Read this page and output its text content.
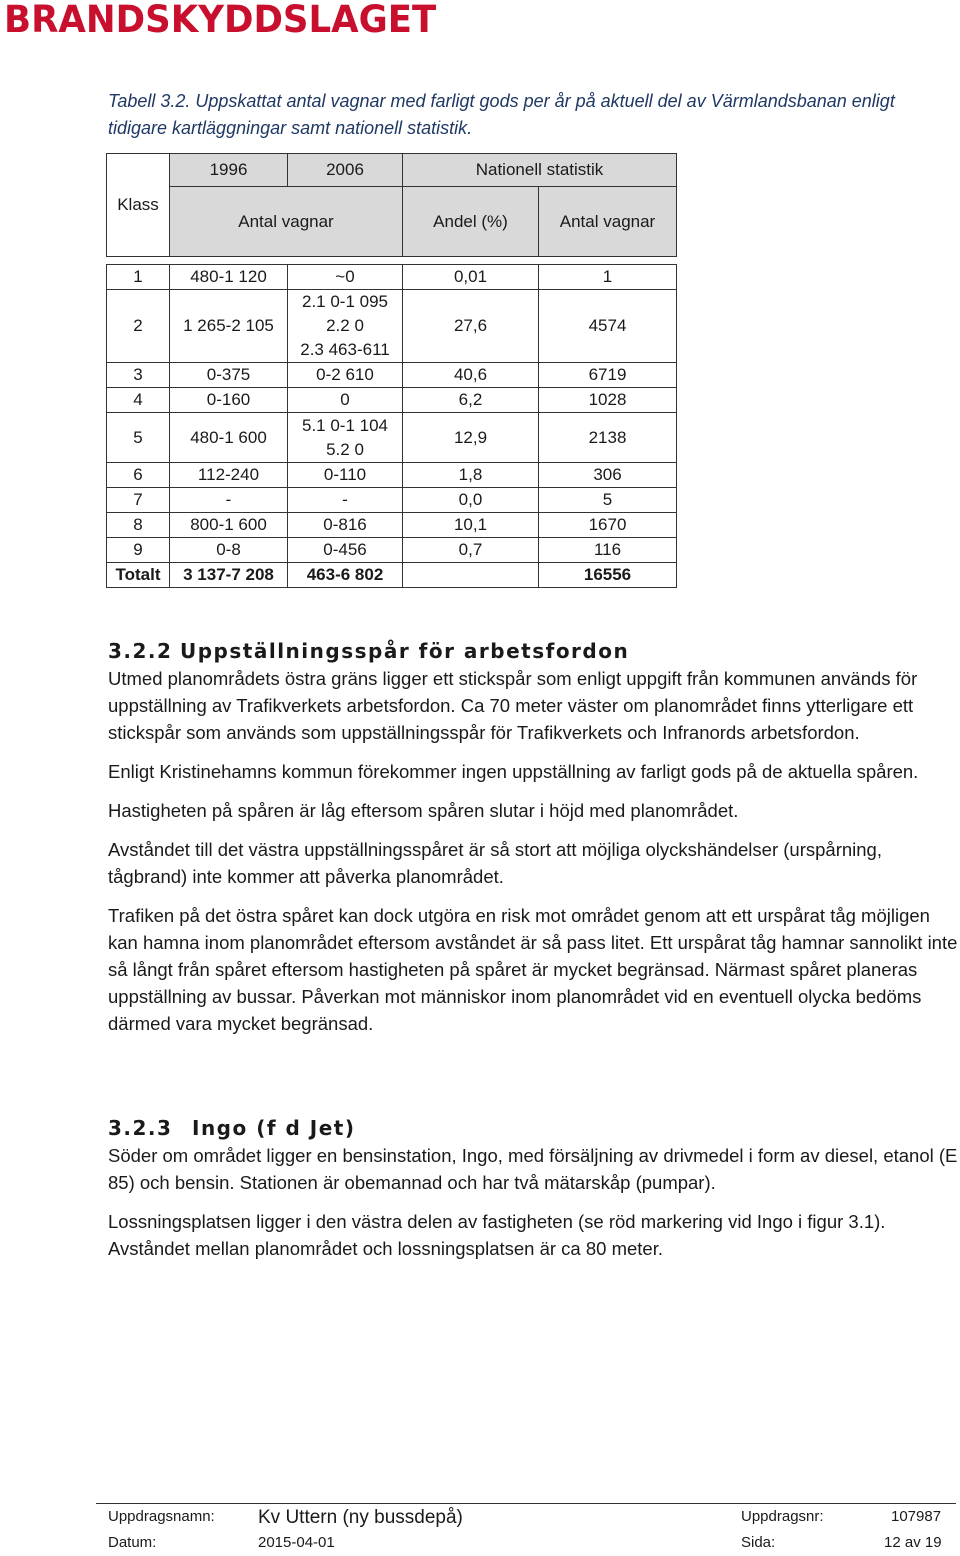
BRANDSKYDDSLAGET
Tabell 3.2. Uppskattat antal vagnar med farligt gods per år på aktuell del av Värmlandsbanan enligt tidigare kartläggningar samt nationell statistik.
Klass	1996	2006	Nationell statistik	
	Antal vagnar		Andel (%)	Antal vagnar

1	480-1 120	~0	0,01	1
2	1 265-2 105	2.1 0-1 095
2.2 0
2.3 463-611	27,6	4574
3	0-375	0-2 610	40,6	6719
4	0-160	0	6,2	1028
5	480-1 600	5.1 0-1 104
5.2 0	12,9	2138
6	112-240	0-110	1,8	306
7	-	-	0,0	5
8	800-1 600	0-816	10,1	1670
9	0-8	0-456	0,7	116
Totalt	3 137-7 208	463-6 802		16556
3.2.2 Uppställningsspår för arbetsfordon

Utmed planområdets östra gräns ligger ett stickspår som enligt uppgift från kommunen används för uppställning av Trafikverkets arbetsfordon. Ca 70 meter väster om planområdet finns ytterligare ett stickspår som används som uppställningsspår för Trafikverkets och Infranords arbetsfordon.

Enligt Kristinehamns kommun förekommer ingen uppställning av farligt gods på de aktuella spåren.

Hastigheten på spåren är låg eftersom spåren slutar i höjd med planområdet.

Avståndet till det västra uppställningsspåret är så stort att möjliga olyckshändelser (urspårning, tågbrand) inte kommer att påverka planområdet.

Trafiken på det östra spåret kan dock utgöra en risk mot området genom att ett urspårat tåg möjligen kan hamna inom planområdet eftersom avståndet är så pass litet. Ett urspårat tåg hamnar sannolikt inte så långt från spåret eftersom hastigheten på spåret är mycket begränsad. Närmast spåret planeras uppställning av bussar. Påverkan mot människor inom planområdet vid en eventuell olycka bedöms därmed vara mycket begränsad.

3.2.3 Ingo (f d Jet)

Söder om området ligger en bensinstation, Ingo, med försäljning av drivmedel i form av diesel, etanol (E 85) och bensin. Stationen är obemannad och har två mätarskåp (pumpar).

Lossningsplatsen ligger i den västra delen av fastigheten (se röd markering vid Ingo i figur 3.1). Avståndet mellan planområdet och lossningsplatsen är ca 80 meter.

Uppdragsnamn: Kv Uttern (ny bussdepå)	Uppdragsnr:	107987
Datum:	2015-04-01	Sida:	12 av 19
